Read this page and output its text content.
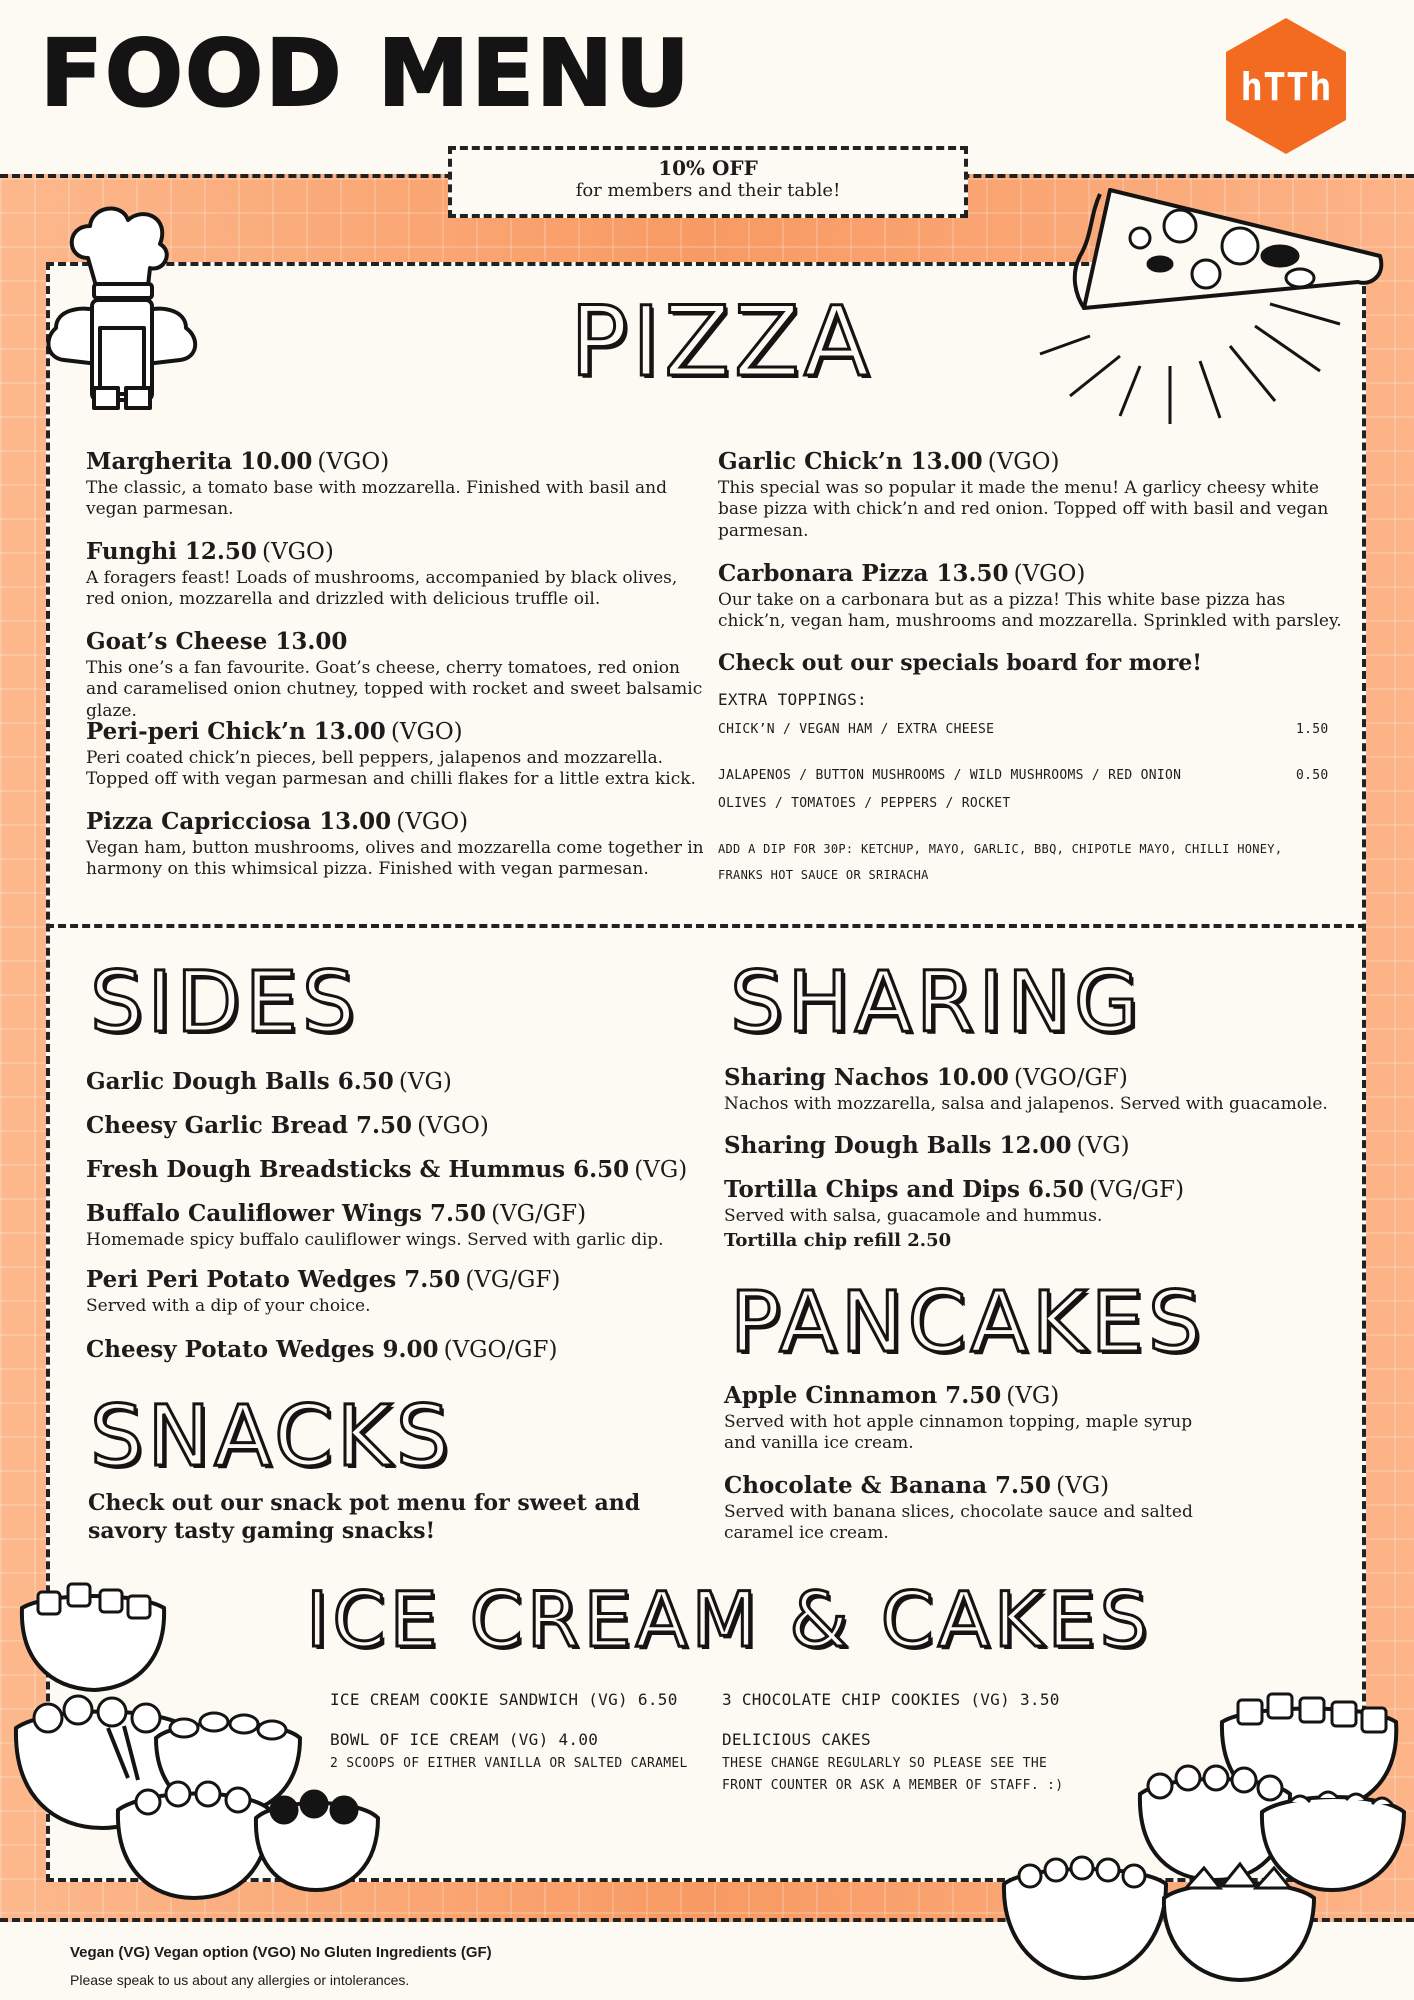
FOOD MENU	hTTh
10% OFF
for members and their table!
PIZZA
SIDES	SHARING
SNACKS
PANCAKES
ICE CREAM & CAKES
Margherita 10.00 (VGO)
The classic, a tomato base with mozzarella. Finished with basil and vegan parmesan.
Funghi 12.50 (VGO)
A foragers feast! Loads of mushrooms, accompanied by black olives, red onion, mozzarella and drizzled with delicious truffle oil.
Goat’s Cheese 13.00
This one’s a fan favourite. Goat’s cheese, cherry tomatoes, red onion and caramelised onion chutney, topped with rocket and sweet balsamic glaze.
Peri-peri Chick’n 13.00 (VGO)
Peri coated chick’n pieces, bell peppers, jalapenos and mozzarella. Topped off with vegan parmesan and chilli flakes for a little extra kick.
Pizza Capricciosa 13.00 (VGO)
Vegan ham, button mushrooms, olives and mozzarella come together in harmony on this whimsical pizza. Finished with vegan parmesan.
Garlic Chick’n 13.00 (VGO)
This special was so popular it made the menu! A garlicy cheesy white base pizza with chick’n and red onion. Topped off with basil and vegan parmesan.
Carbonara Pizza 13.50 (VGO)
Our take on a carbonara but as a pizza! This white base pizza has chick’n, vegan ham, mushrooms and mozzarella. Sprinkled with parsley.
Check out our specials board for more!
EXTRA TOPPINGS:
CHICK’N / VEGAN HAM / EXTRA CHEESE	1.50
JALAPENOS / BUTTON MUSHROOMS / WILD MUSHROOMS / RED ONION	0.50
OLIVES / TOMATOES / PEPPERS / ROCKET
ADD A DIP FOR 30P: KETCHUP, MAYO, GARLIC, BBQ, CHIPOTLE MAYO, CHILLI HONEY,
FRANKS HOT SAUCE OR SRIRACHA
Garlic Dough Balls 6.50 (VG)
Cheesy Garlic Bread 7.50 (VGO)
Fresh Dough Breadsticks & Hummus 6.50 (VG)
Buffalo Cauliflower Wings 7.50 (VG/GF)
Homemade spicy buffalo cauliflower wings. Served with garlic dip.
Peri Peri Potato Wedges 7.50 (VG/GF)
Served with a dip of your choice.
Cheesy Potato Wedges 9.00 (VGO/GF)
Check out our snack pot menu for sweet and
savory tasty gaming snacks!
Sharing Nachos 10.00 (VGO/GF)
Nachos with mozzarella, salsa and jalapenos. Served with guacamole.
Sharing Dough Balls 12.00 (VG)
Tortilla Chips and Dips 6.50 (VG/GF)
Served with salsa, guacamole and hummus.
Tortilla chip refill 2.50
Apple Cinnamon 7.50 (VG)
Served with hot apple cinnamon topping, maple syrup and vanilla ice cream.
Chocolate & Banana 7.50 (VG)
Served with banana slices, chocolate sauce and salted caramel ice cream.
ICE CREAM COOKIE SANDWICH (VG) 6.50
BOWL OF ICE CREAM (VG) 4.00
2 SCOOPS OF EITHER VANILLA OR SALTED CARAMEL
3 CHOCOLATE CHIP COOKIES (VG) 3.50
DELICIOUS CAKES
THESE CHANGE REGULARLY SO PLEASE SEE THE
FRONT COUNTER OR ASK A MEMBER OF STAFF. :)
Vegan (VG) Vegan option (VGO) No Gluten Ingredients (GF)
Please speak to us about any allergies or intolerances.
